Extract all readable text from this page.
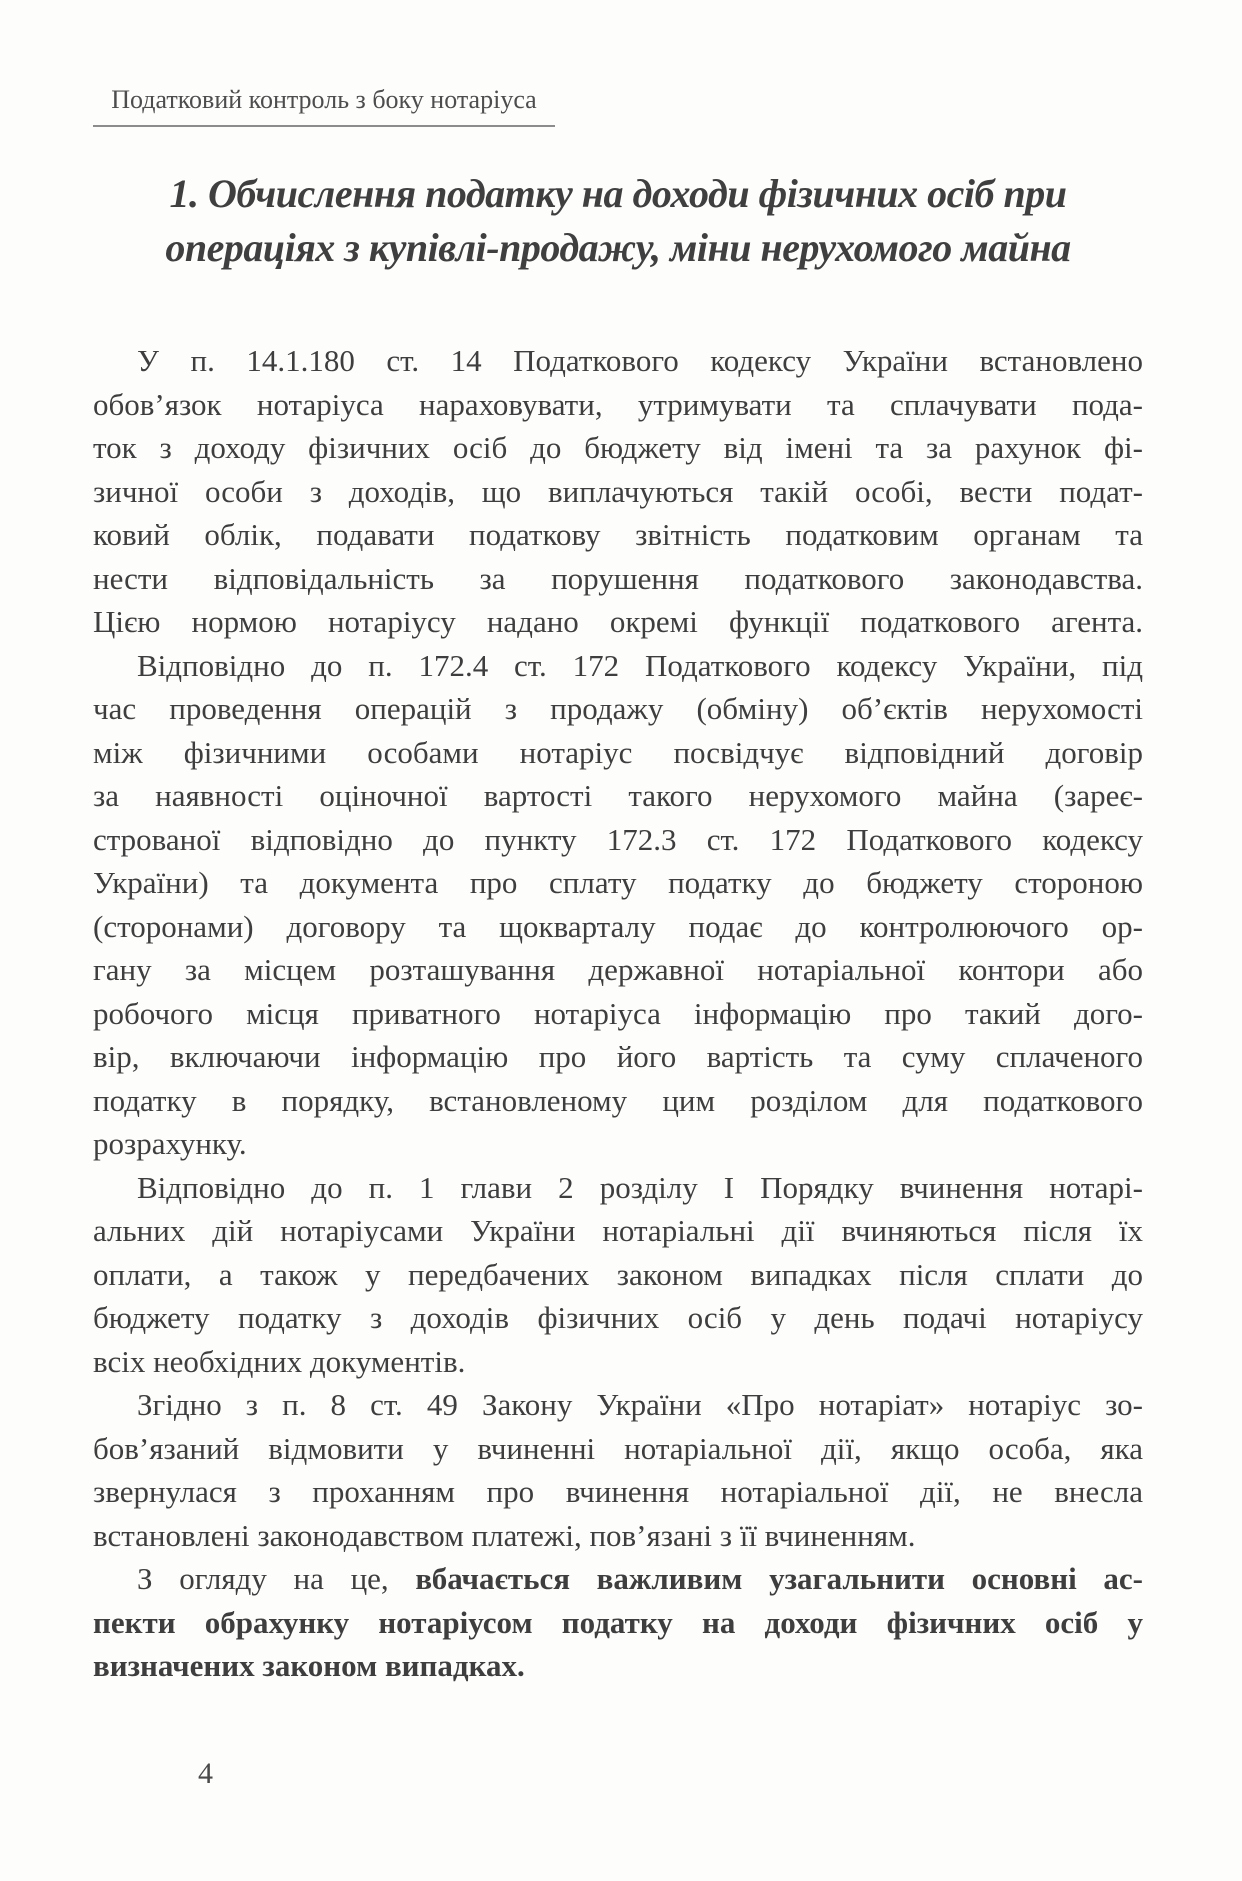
Податковий контроль з боку нотаріуса
1. Обчислення податку на доходи фізичних осіб при
операціях з купівлі-продажу, міни нерухомого майна
У п. 14.1.180 ст. 14 Податкового кодексу України встановлено
обов’язок нотаріуса нараховувати, утримувати та сплачувати пода-
ток з доходу фізичних осіб до бюджету від імені та за рахунок фі-
зичної особи з доходів, що виплачуються такій особі, вести подат-
ковий облік, подавати податкову звітність податковим органам та
нести відповідальність за порушення податкового законодавства.
Цією нормою нотаріусу надано окремі функції податкового агента.
Відповідно до п. 172.4 ст. 172 Податкового кодексу України, під
час проведення операцій з продажу (обміну) об’єктів нерухомості
між фізичними особами нотаріус посвідчує відповідний договір
за наявності оціночної вартості такого нерухомого майна (зареє-
строваної відповідно до пункту 172.3 ст. 172 Податкового кодексу
України) та документа про сплату податку до бюджету стороною
(сторонами) договору та щокварталу подає до контролюючого ор-
гану за місцем розташування державної нотаріальної контори або
робочого місця приватного нотаріуса інформацію про такий дого-
вір, включаючи інформацію про його вартість та суму сплаченого
податку в порядку, встановленому цим розділом для податкового
розрахунку.
Відповідно до п. 1 глави 2 розділу І Порядку вчинення нотарі-
альних дій нотаріусами України нотаріальні дії вчиняються після їх
оплати, а також у передбачених законом випадках після сплати до
бюджету податку з доходів фізичних осіб у день подачі нотаріусу
всіх необхідних документів.
Згідно з п. 8 ст. 49 Закону України «Про нотаріат» нотаріус зо-
бов’язаний відмовити у вчиненні нотаріальної дії, якщо особа, яка
звернулася з проханням про вчинення нотаріальної дії, не внесла
встановлені законодавством платежі, пов’язані з її вчиненням.
З огляду на це, вбачається важливим узагальнити основні ас-
пекти обрахунку нотаріусом податку на доходи фізичних осіб у
визначених законом випадках.
4
